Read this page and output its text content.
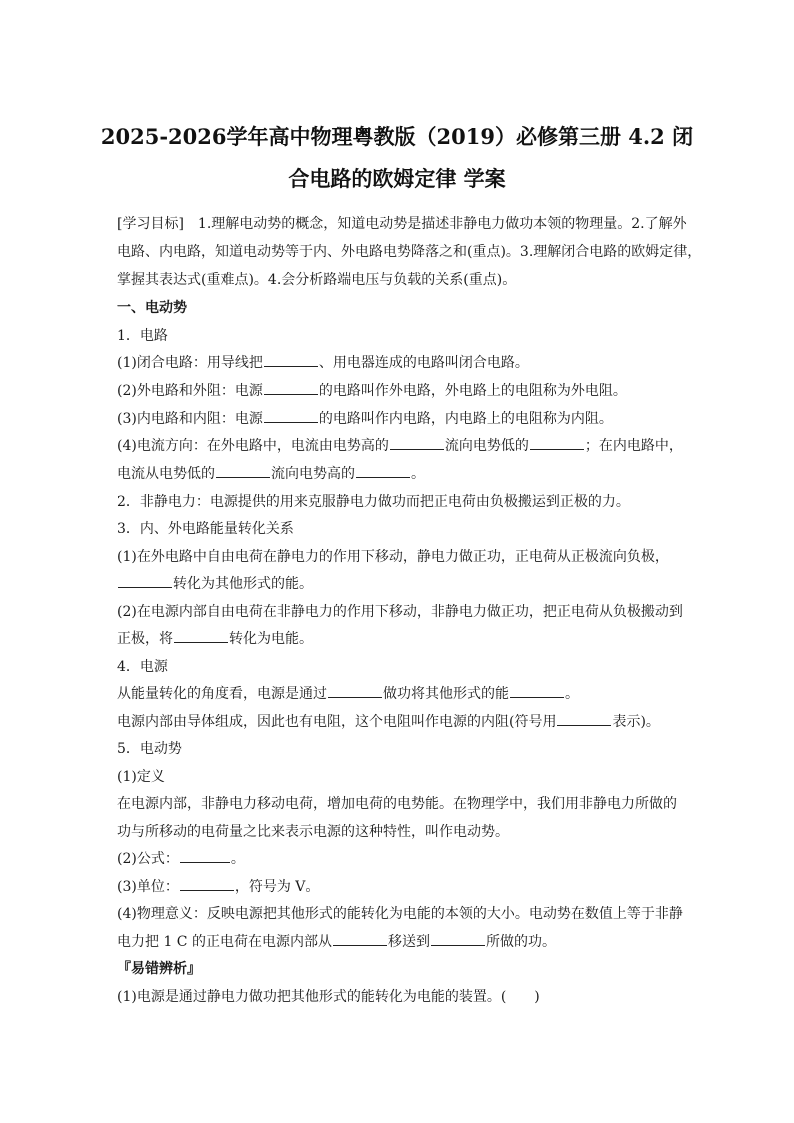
2025-2026学年高中物理粤教版（2019）必修第三册 4.2 闭
合电路的欧姆定律 学案
[学习目标]　1.理解电动势的概念，知道电动势是描述非静电力做功本领的物理量。2.了解外
电路、内电路，知道电动势等于内、外电路电势降落之和(重点)。3.理解闭合电路的欧姆定律，
掌握其表达式(重难点)。4.会分析路端电压与负载的关系(重点)。
一、电动势
1．电路
(1)闭合电路：用导线把	、用电器连成的电路叫闭合电路。
(2)外电路和外阻：电源	的电路叫作外电路，外电路上的电阻称为外电阻。
(3)内电路和内阻：电源	的电路叫作内电路，内电路上的电阻称为内阻。
(4)电流方向：在外电路中，电流由电势高的	流向电势低的	；在内电路中，
电流从电势低的	流向电势高的	。
2．非静电力：电源提供的用来克服静电力做功而把正电荷由负极搬运到正极的力。
3．内、外电路能量转化关系
(1)在外电路中自由电荷在静电力的作用下移动，静电力做正功，正电荷从正极流向负极，
转化为其他形式的能。
(2)在电源内部自由电荷在非静电力的作用下移动，非静电力做正功，把正电荷从负极搬动到
正极，将	转化为电能。
4．电源
从能量转化的角度看，电源是通过	做功将其他形式的能	。
电源内部由导体组成，因此也有电阻，这个电阻叫作电源的内阻(符号用	表示)。
5．电动势
(1)定义
在电源内部，非静电力移动电荷，增加电荷的电势能。在物理学中，我们用非静电力所做的
功与所移动的电荷量之比来表示电源的这种特性，叫作电动势。
(2)公式：	。
(3)单位：	，符号为 V。
(4)物理意义：反映电源把其他形式的能转化为电能的本领的大小。电动势在数值上等于非静
电力把 1 C 的正电荷在电源内部从	移送到	所做的功。
『易错辨析』
(1)电源是通过静电力做功把其他形式的能转化为电能的装置。(　　)
